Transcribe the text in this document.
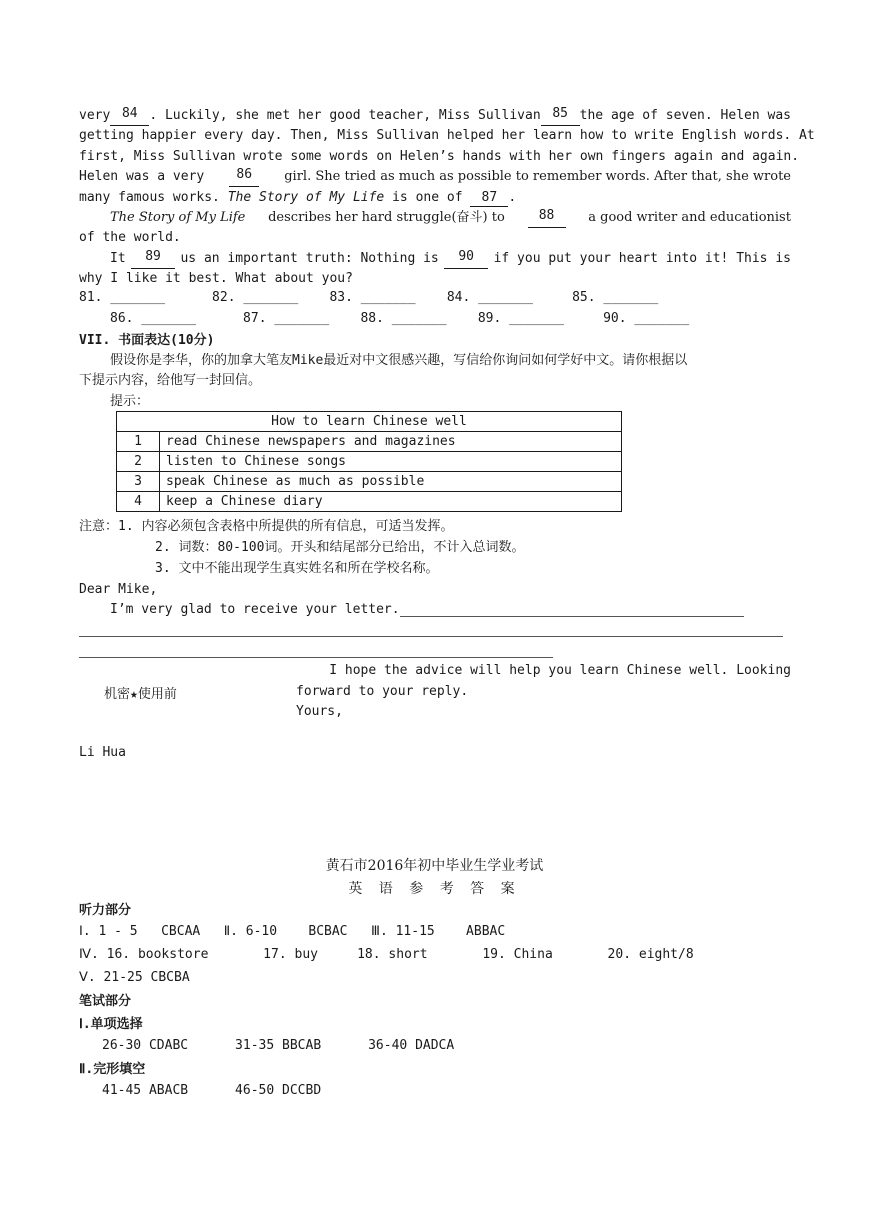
very 84 . Luckily, she met her good teacher, Miss Sullivan 85 the age of seven. Helen was
getting happier every day. Then, Miss Sullivan helped her learn how to write English words. At
first, Miss Sullivan wrote some words on Helen’s hands with her own fingers again and again.
Helen was a very	86	girl. She tried as much as possible to remember words. After that, she wrote
many famous works. The Story of My Life is one of 87 .
The Story of My Life describes her hard struggle(奋斗) to	88	a good writer and educationist
of the world.
It	89	us an important truth: Nothing is	90	if you put your heart into it! This is
why I like it best. What about you?
81. _______      82. _______    83. _______    84. _______     85. _______
86. _______      87. _______    88. _______    89. _______     90. _______
VII. 书面表达(10分)
假设你是李华，你的加拿大笔友Mike最近对中文很感兴趣，写信给你询问如何学好中文。请你根据以
下提示内容，给他写一封回信。
提示：
How to learn Chinese well	
1	read Chinese newspapers and magazines
2	listen to Chinese songs
3	speak Chinese as much as possible
4	keep a Chinese diary
注意：1. 内容必须包含表格中所提供的所有信息，可适当发挥。
2. 词数：80-100词。开头和结尾部分已给出，不计入总词数。
3. 文中不能出现学生真实姓名和所在学校名称。
Dear Mike,
I’m very glad to receive your letter.
机密★使用前
I hope the advice will help you learn Chinese well. Looking
forward to your reply.
Yours,
Li Hua
黄石市2016年初中毕业生学业考试
英 语 参 考 答 案
听力部分
Ⅰ. 1 - 5   CBCAA   Ⅱ. 6-10    BCBAC   Ⅲ. 11-15    ABBAC
Ⅳ. 16. bookstore       17. buy     18. short       19. China       20. eight/8
Ⅴ. 21-25 CBCBA
笔试部分
Ⅰ.单项选择
26-30 CDABC      31-35 BBCAB      36-40 DADCA
Ⅱ.完形填空
41-45 ABACB      46-50 DCCBD
